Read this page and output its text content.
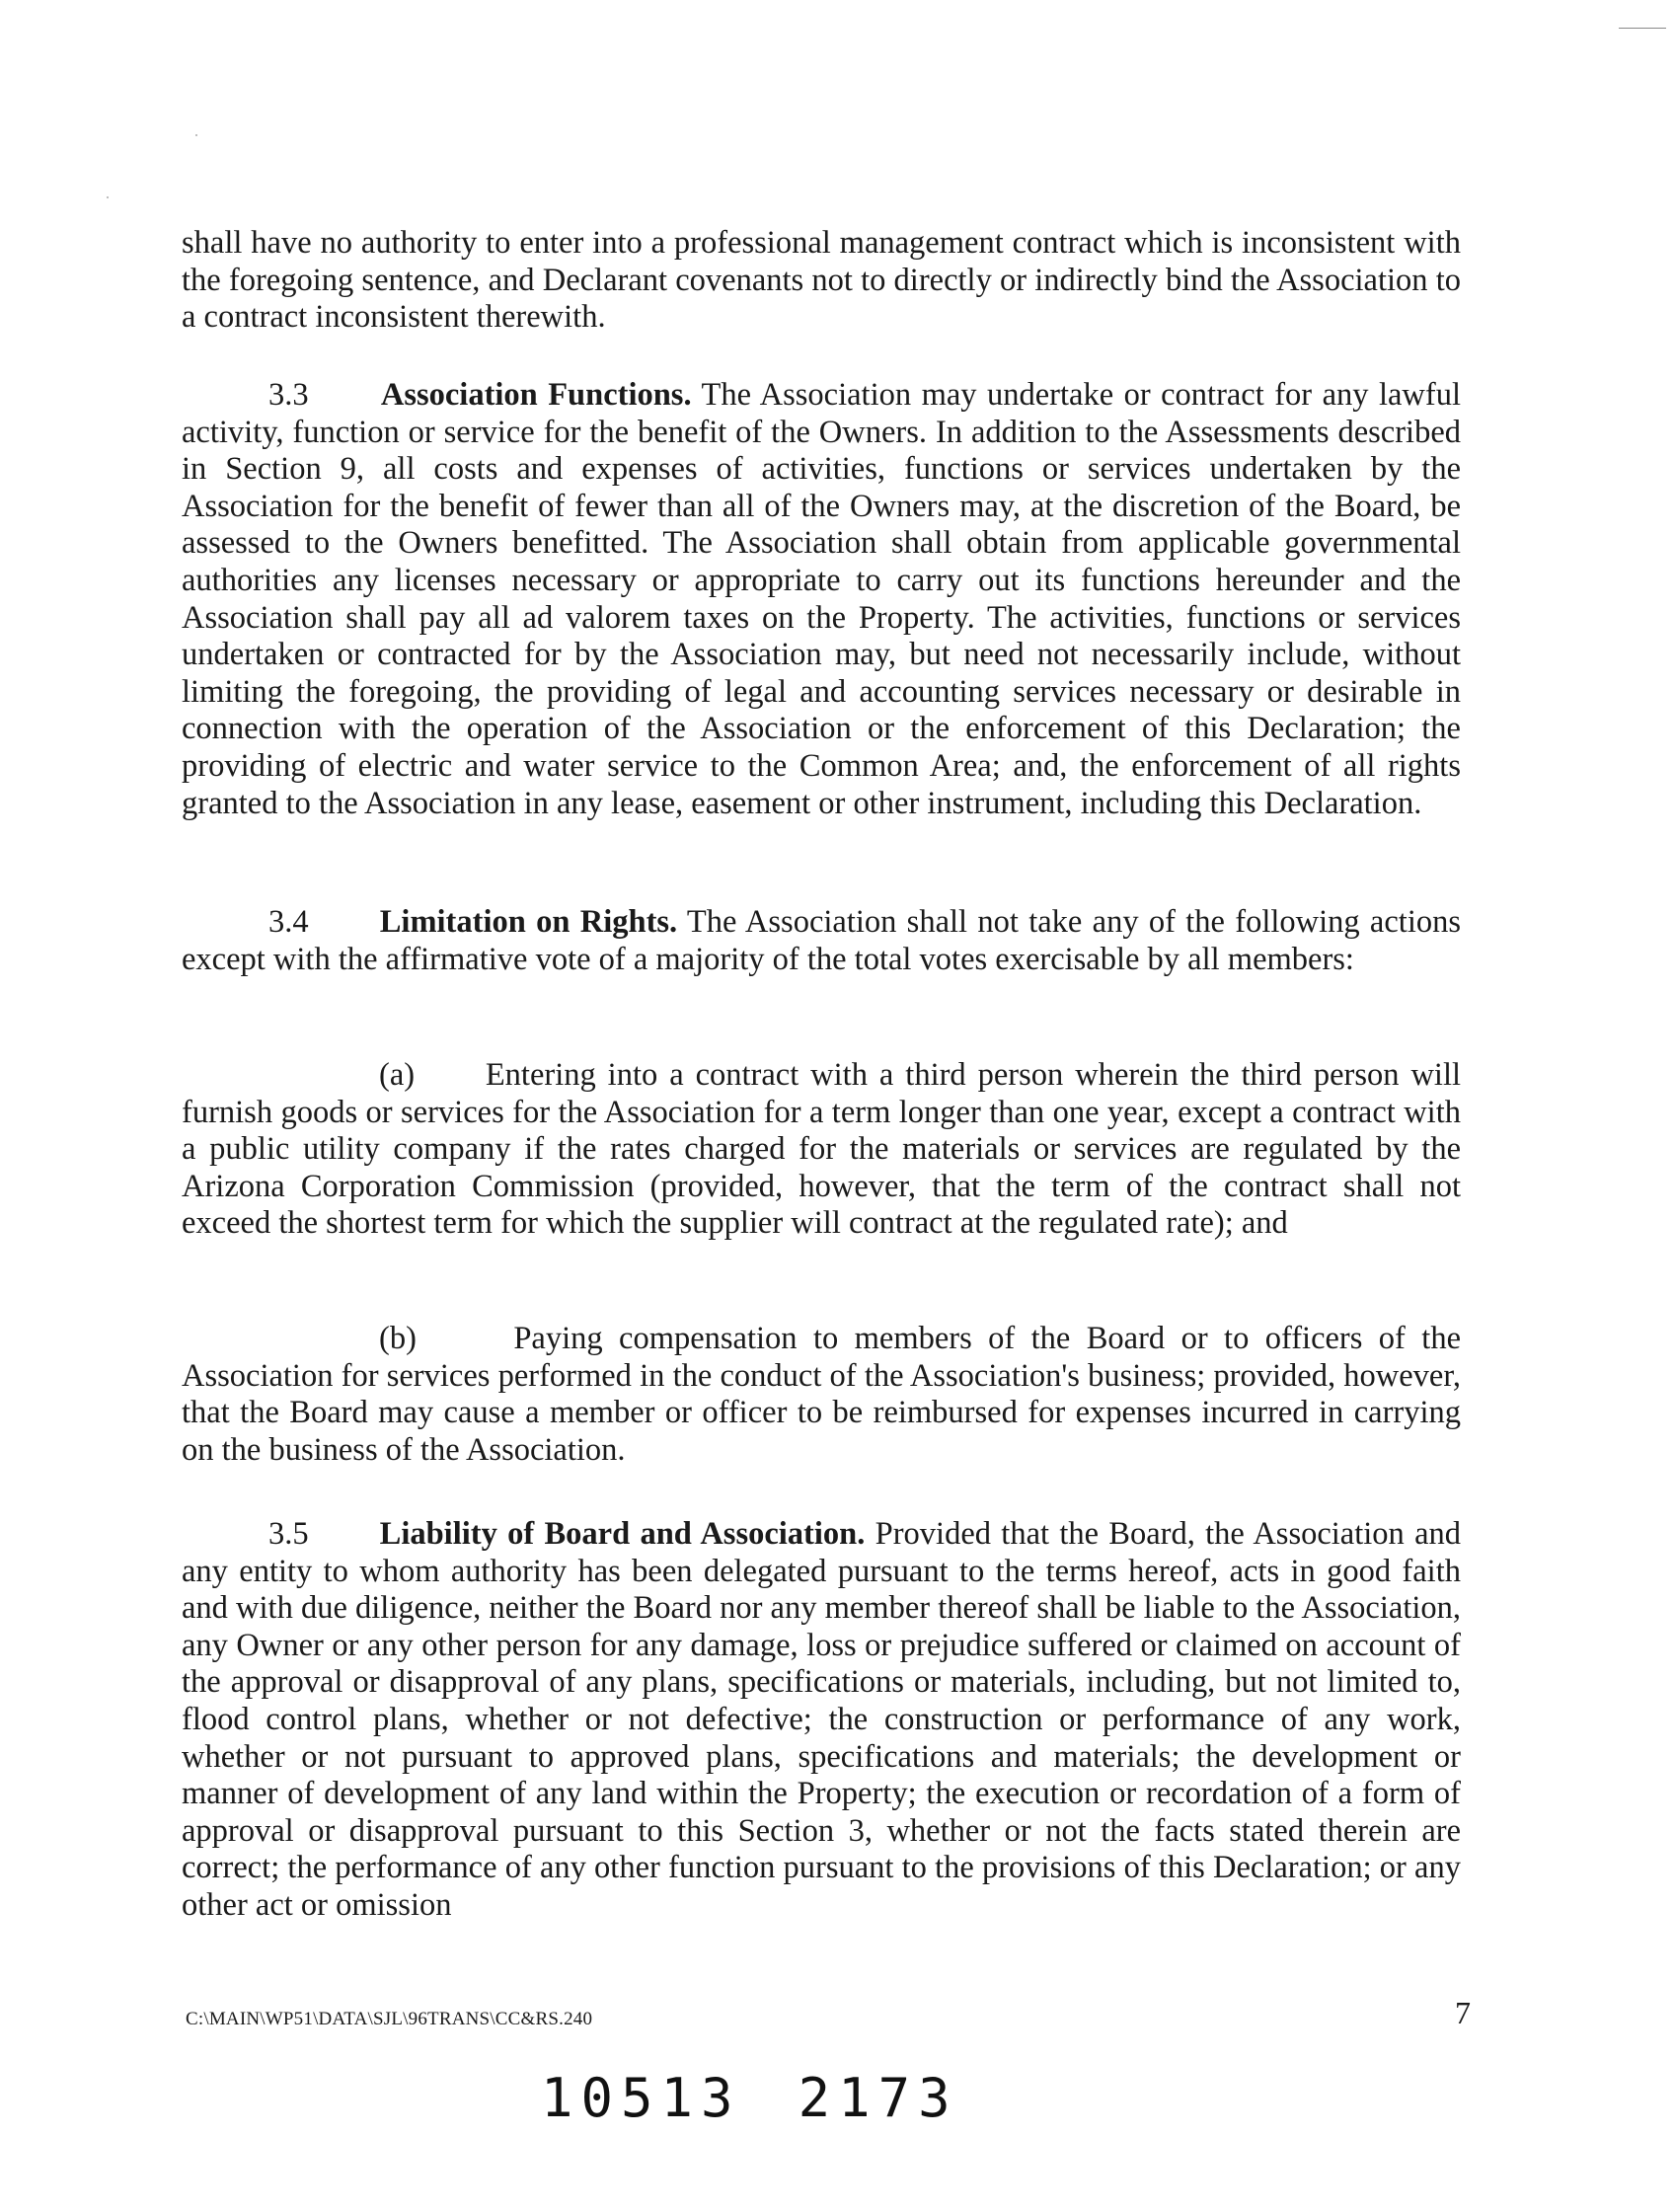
shall have no authority to enter into a professional management contract which is inconsistent with the foregoing sentence, and Declarant covenants not to directly or indirectly bind the Association to a contract inconsistent therewith.

3.3 Association Functions. The Association may undertake or contract for any lawful activity, function or service for the benefit of the Owners. In addition to the Assessments described in Section 9, all costs and expenses of activities, functions or services undertaken by the Association for the benefit of fewer than all of the Owners may, at the discretion of the Board, be assessed to the Owners benefitted. The Association shall obtain from applicable governmental authorities any licenses necessary or appropriate to carry out its functions hereunder and the Association shall pay all ad valorem taxes on the Property. The activities, functions or services undertaken or contracted for by the Association may, but need not necessarily include, without limiting the foregoing, the providing of legal and accounting services necessary or desirable in connection with the operation of the Association or the enforcement of this Declaration; the providing of electric and water service to the Common Area; and, the enforcement of all rights granted to the Association in any lease, easement or other instrument, including this Declaration.

3.4 Limitation on Rights. The Association shall not take any of the following actions except with the affirmative vote of a majority of the total votes exercisable by all members:

(a) Entering into a contract with a third person wherein the third person will furnish goods or services for the Association for a term longer than one year, except a contract with a public utility company if the rates charged for the materials or services are regulated by the Arizona Corporation Commission (provided, however, that the term of the contract shall not exceed the shortest term for which the supplier will contract at the regulated rate); and

(b)	Paying compensation to members of the Board or to officers of the Association for services performed in the conduct of the Association's business; provided, however, that the Board may cause a member or officer to be reimbursed for expenses incurred in carrying on the business of the Association.

3.5 Liability of Board and Association. Provided that the Board, the Association and any entity to whom authority has been delegated pursuant to the terms hereof, acts in good faith and with due diligence, neither the Board nor any member thereof shall be liable to the Association, any Owner or any other person for any damage, loss or prejudice suffered or claimed on account of the approval or disapproval of any plans, specifications or materials, including, but not limited to, flood control plans, whether or not defective; the construction or performance of any work, whether or not pursuant to approved plans, specifications and materials; the development or manner of development of any land within the Property; the execution or recordation of a form of approval or disapproval pursuant to this Section 3, whether or not the facts stated therein are correct; the performance of any other function pursuant to the provisions of this Declaration; or any other act or omission

C:\MAIN\WP51\DATA\SJL\96TRANS\CC&RS.240	7

10513 2173
